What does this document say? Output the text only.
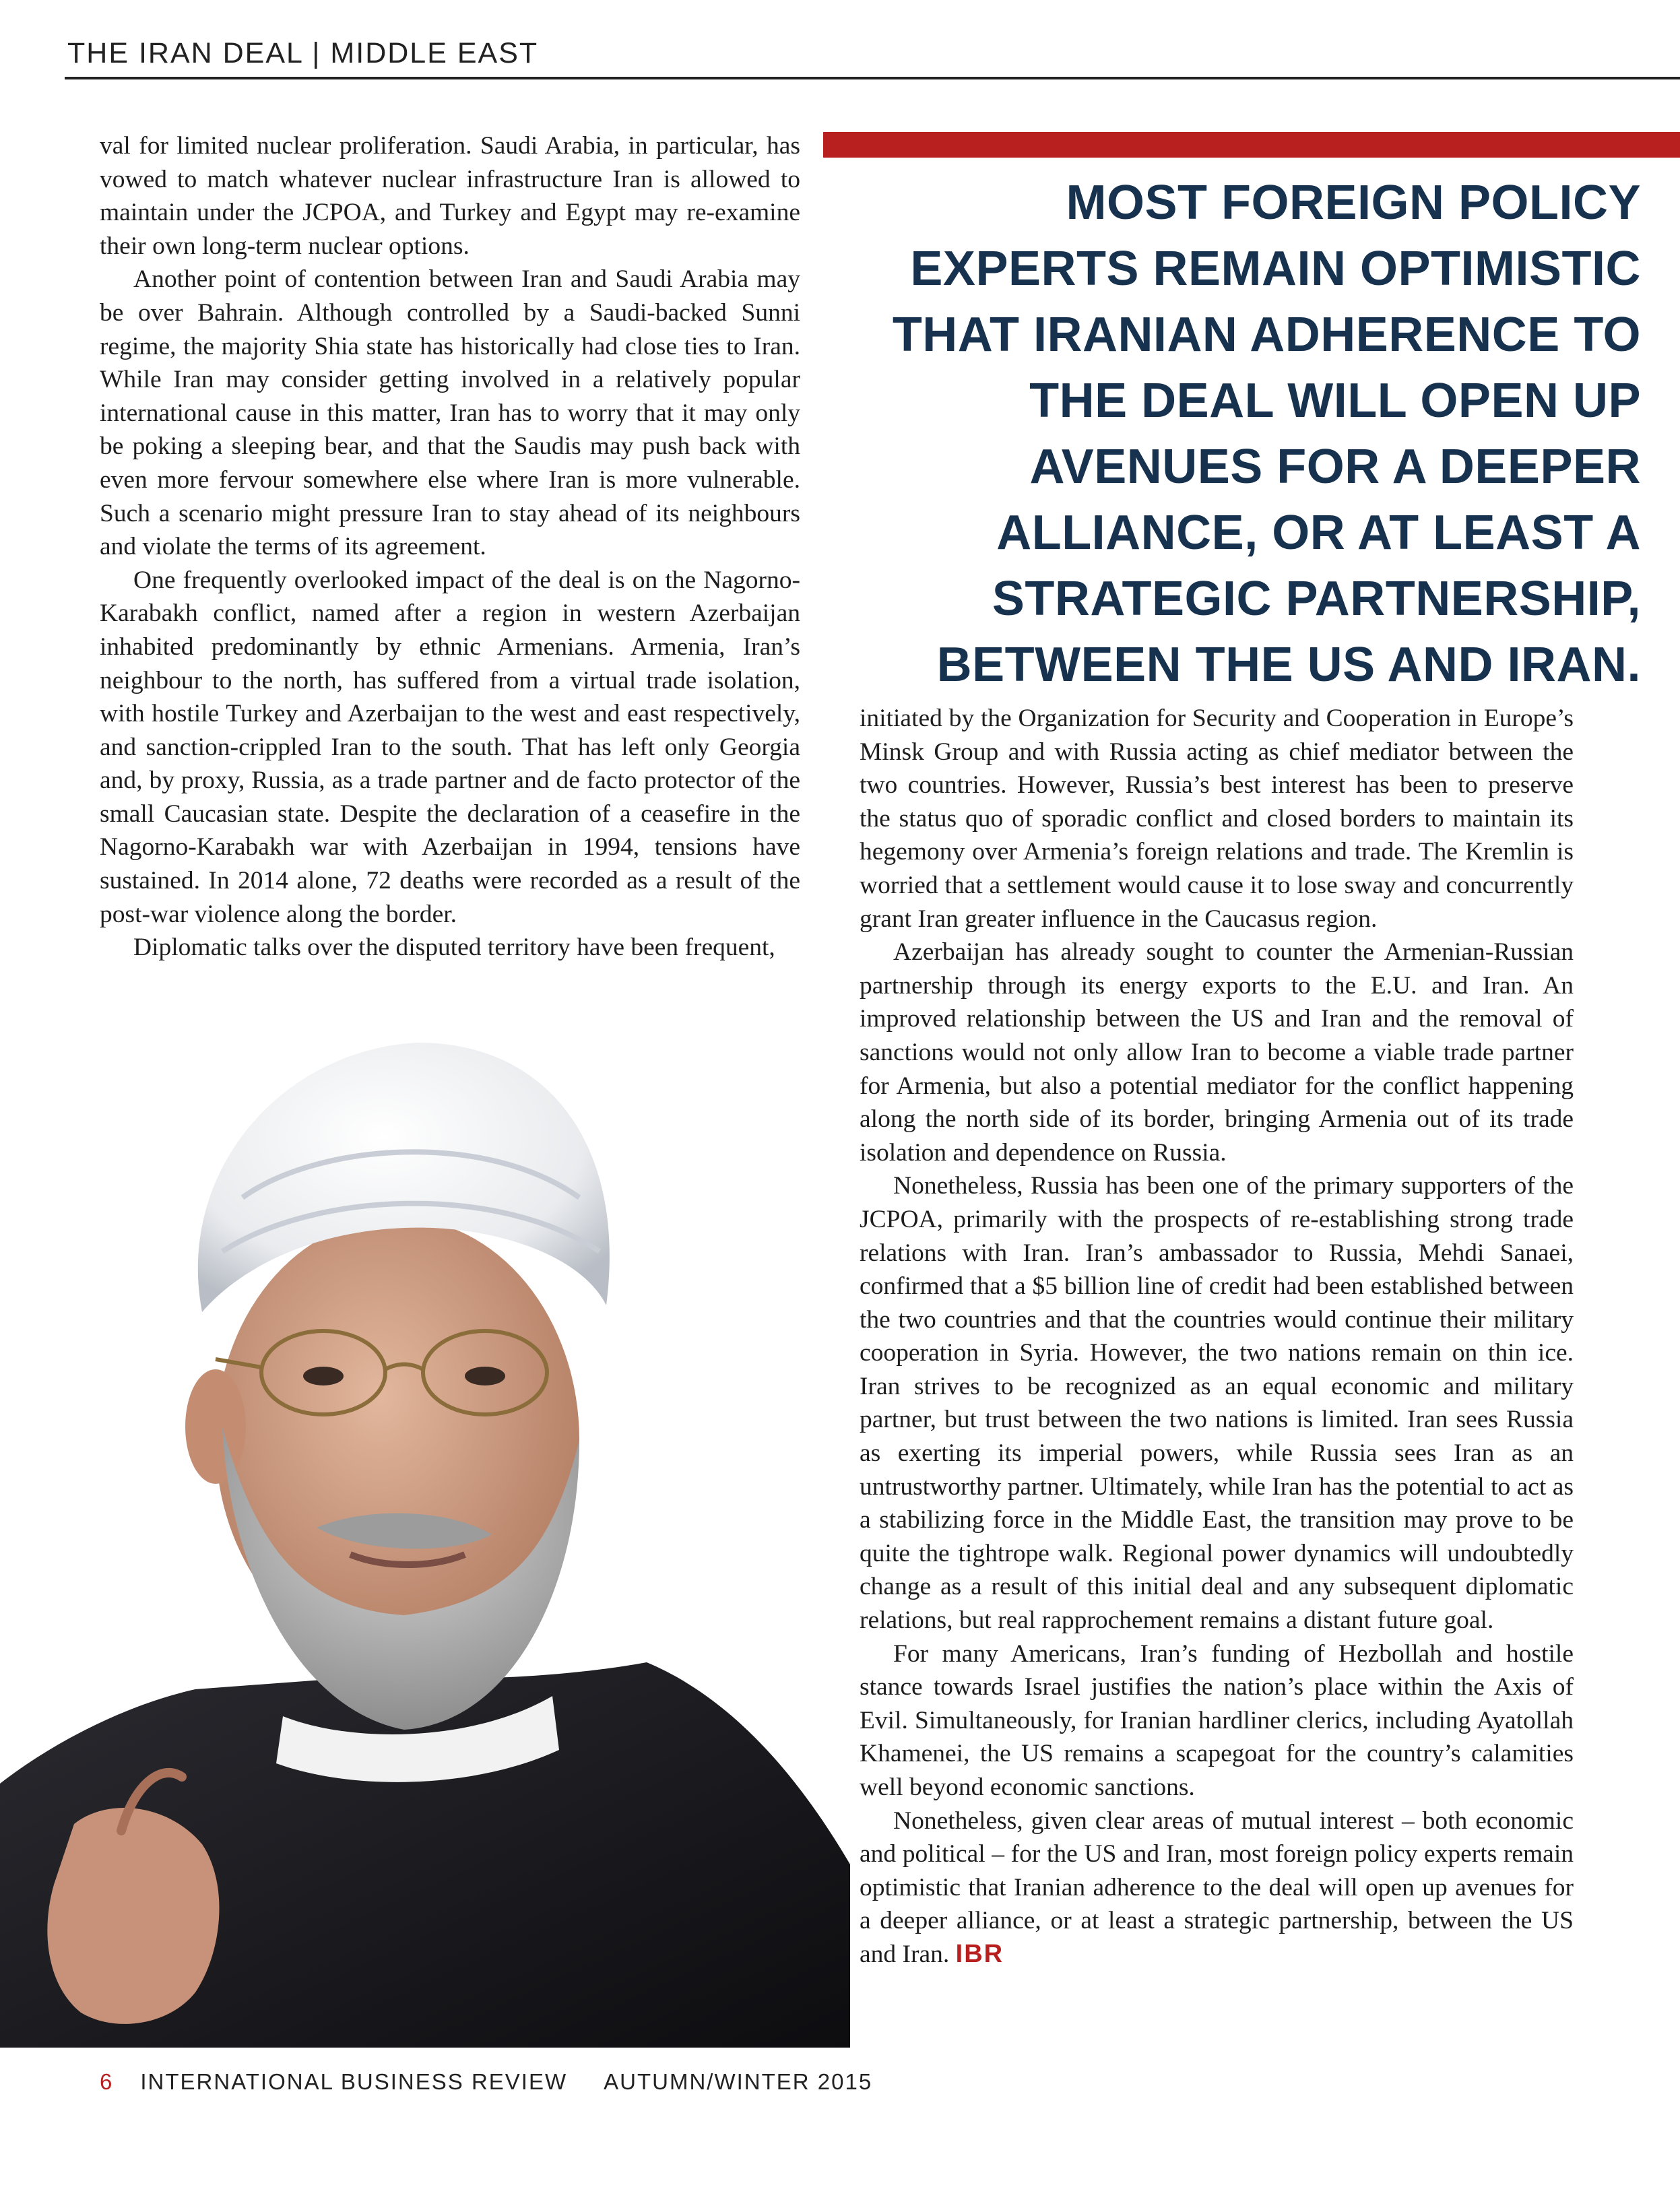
THE IRAN DEAL | MIDDLE EAST
MOST FOREIGN POLICY EXPERTS REMAIN OPTIMISTIC THAT IRANIAN ADHERENCE TO THE DEAL WILL OPEN UP AVENUES FOR A DEEPER ALLIANCE, OR AT LEAST A STRATEGIC PARTNERSHIP, BETWEEN THE US AND IRAN.

val for limited nuclear proliferation. Saudi Arabia, in particular, has vowed to match whatever nuclear infrastructure Iran is allowed to maintain under the JCPOA, and Turkey and Egypt may re-examine their own long-term nuclear options.

Another point of contention between Iran and Saudi Arabia may be over Bahrain. Although controlled by a Saudi-backed Sunni regime, the majority Shia state has historically had close ties to Iran. While Iran may consider getting involved in a relatively popular international cause in this matter, Iran has to worry that it may only be poking a sleeping bear, and that the Saudis may push back with even more fervour somewhere else where Iran is more vulnerable. Such a scenario might pressure Iran to stay ahead of its neighbours and violate the terms of its agreement.

One frequently overlooked impact of the deal is on the Nagorno-Karabakh conflict, named after a region in western Azerbaijan inhabited predominantly by ethnic Armenians. Armenia, Iran’s neighbour to the north, has suffered from a virtual trade isolation, with hostile Turkey and Azerbaijan to the west and east respectively, and sanction-crippled Iran to the south. That has left only Georgia and, by proxy, Russia, as a trade partner and de facto protector of the small Caucasian state. Despite the declaration of a ceasefire in the Nagorno-Karabakh war with Azerbaijan in 1994, tensions have sustained. In 2014 alone, 72 deaths were recorded as a result of the post-war violence along the border.

Diplomatic talks over the disputed territory have been frequent,

initiated by the Organization for Security and Cooperation in Europe’s Minsk Group and with Russia acting as chief mediator between the two countries. However, Russia’s best interest has been to preserve the status quo of sporadic conflict and closed borders to maintain its hegemony over Armenia’s foreign relations and trade. The Kremlin is worried that a settlement would cause it to lose sway and concurrently grant Iran greater influence in the Caucasus region.

Azerbaijan has already sought to counter the Armenian-Russian partnership through its energy exports to the E.U. and Iran. An improved relationship between the US and Iran and the removal of sanctions would not only allow Iran to become a viable trade partner for Armenia, but also a potential mediator for the conflict happening along the north side of its border, bringing Armenia out of its trade isolation and dependence on Russia.

Nonetheless, Russia has been one of the primary supporters of the JCPOA, primarily with the prospects of re-establishing strong trade relations with Iran. Iran’s ambassador to Russia, Mehdi Sanaei, confirmed that a $5 billion line of credit had been established between the two countries and that the countries would continue their military cooperation in Syria. However, the two nations remain on thin ice. Iran strives to be recognized as an equal economic and military partner, but trust between the two nations is limited. Iran sees Russia as exerting its imperial powers, while Russia sees Iran as an untrustworthy partner. Ultimately, while Iran has the potential to act as a stabilizing force in the Middle East, the transition may prove to be quite the tightrope walk. Regional power dynamics will undoubtedly change as a result of this initial deal and any subsequent diplomatic relations, but real rapprochement remains a distant future goal.

For many Americans, Iran’s funding of Hezbollah and hostile stance towards Israel justifies the nation’s place within the Axis of Evil. Simultaneously, for Iranian hardliner clerics, including Ayatollah Khamenei, the US remains a scapegoat for the country’s calamities well beyond economic sanctions.

Nonetheless, given clear areas of mutual interest – both economic and political – for the US and Iran, most foreign policy experts remain optimistic that Iranian adherence to the deal will open up avenues for a deeper alliance, or at least a strategic partnership, between the US and Iran. IBR

6 INTERNATIONAL BUSINESS REVIEW AUTUMN/WINTER 2015
